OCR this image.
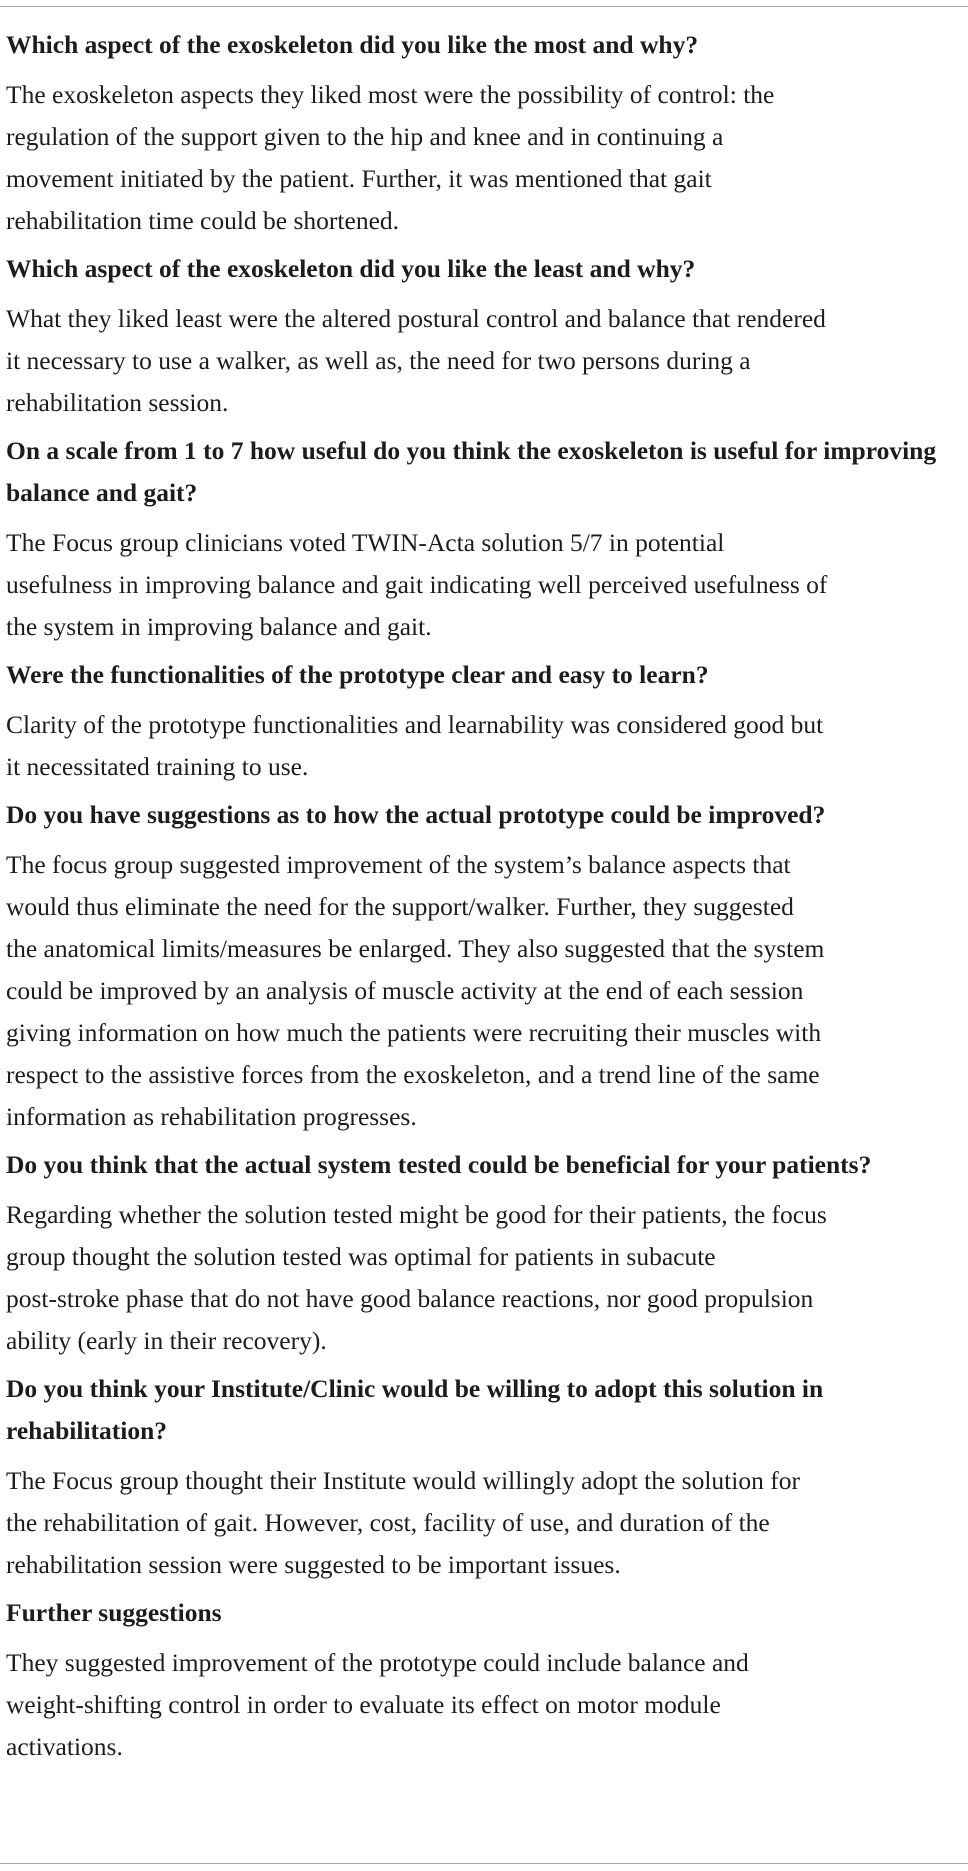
Which aspect of the exoskeleton did you like the most and why?

The exoskeleton aspects they liked most were the possibility of control: the
regulation of the support given to the hip and knee and in continuing a
movement initiated by the patient. Further, it was mentioned that gait
rehabilitation time could be shortened.

Which aspect of the exoskeleton did you like the least and why?

What they liked least were the altered postural control and balance that rendered
it necessary to use a walker, as well as, the need for two persons during a
rehabilitation session.

On a scale from 1 to 7 how useful do you think the exoskeleton is useful for improving balance and gait?

The Focus group clinicians voted TWIN-Acta solution 5/7 in potential
usefulness in improving balance and gait indicating well perceived usefulness of
the system in improving balance and gait.

Were the functionalities of the prototype clear and easy to learn?

Clarity of the prototype functionalities and learnability was considered good but
it necessitated training to use.

Do you have suggestions as to how the actual prototype could be improved?

The focus group suggested improvement of the system’s balance aspects that
would thus eliminate the need for the support/walker. Further, they suggested
the anatomical limits/measures be enlarged. They also suggested that the system
could be improved by an analysis of muscle activity at the end of each session
giving information on how much the patients were recruiting their muscles with
respect to the assistive forces from the exoskeleton, and a trend line of the same
information as rehabilitation progresses.

Do you think that the actual system tested could be beneficial for your patients?

Regarding whether the solution tested might be good for their patients, the focus
group thought the solution tested was optimal for patients in subacute
post-stroke phase that do not have good balance reactions, nor good propulsion
ability (early in their recovery).

Do you think your Institute/Clinic would be willing to adopt this solution in rehabilitation?

The Focus group thought their Institute would willingly adopt the solution for
the rehabilitation of gait. However, cost, facility of use, and duration of the
rehabilitation session were suggested to be important issues.

Further suggestions

They suggested improvement of the prototype could include balance and
weight-shifting control in order to evaluate its effect on motor module
activations.
